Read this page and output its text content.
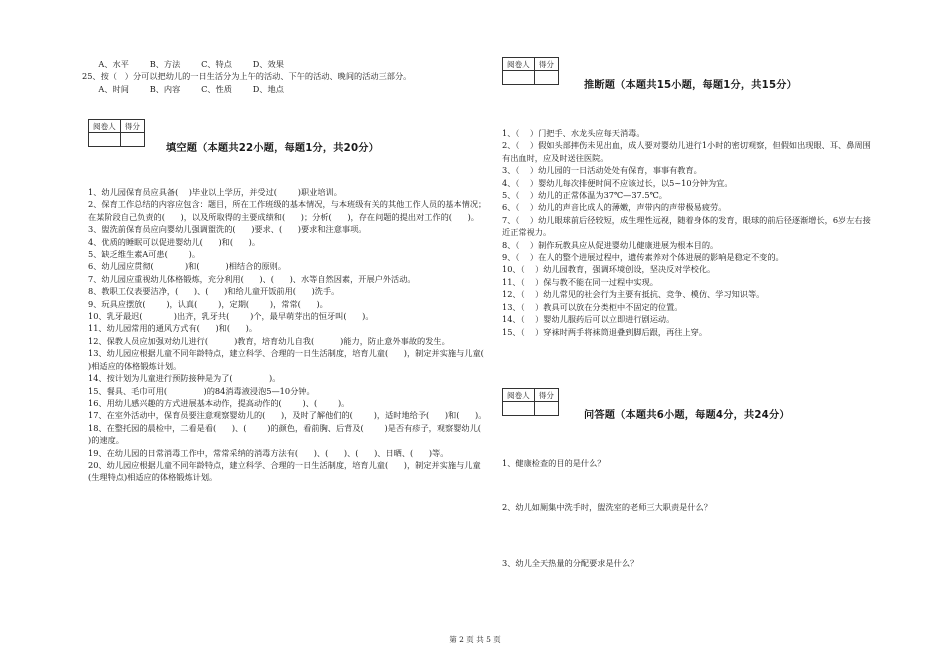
A、水平        B、方法        C、特点        D、效果
25、按（   ）分可以把幼儿的一日生活分为上午的活动、下午的活动、晚间的活动三部分。
A、时间        B、内容        C、性质        D、地点
阅卷人	得分

填空题（本题共22小题，每题1分，共20分）
1、幼儿园保育员应具备(    )毕业以上学历，并受过(        )职业培训。
2、保育工作总结的内容应包含：题目，所在工作班级的基本情况，与本班级有关的其他工作人员的基本情况；在某阶段自己负责的(      )，以及所取得的主要成绩和(      )；分析(      )，存在问题的提出对工作的(      )。
3、盥洗前保育员应向婴幼儿强调盥洗的(      )要求、(      )要求和注意事项。
4、优质的睡眠可以促进婴幼儿(      )和(      )。
5、缺乏维生素A可患(        )。
6、幼儿园应贯彻(            )和(          )相结合的原则。
7、幼儿园应重视幼儿体格锻炼，充分利用(      )、(      )、水等自然因素，开展户外活动。
8、教职工仪表要洁净，(      )、(      )和给儿童开饭前用(      )洗手。
9、玩具应摆放(        )，认真(        )，定期(        )，常常(      )。
10、乳牙最迟(            )出齐，乳牙共(        )个，最早萌芽出的恒牙叫(      )。
11、幼儿园常用的通风方式有(      )和(      )。
12、保教人员应加强对幼儿进行(          )教育，培育幼儿自我(          )能力，防止意外事故的发生。
13、幼儿园应根据儿童不同年龄特点，建立科学、合理的一日生活制度，培育儿童(      )，制定并实施与儿童(      )相适应的体格锻炼计划。
14、按计划为儿童进行预防接种是为了(              )。
15、餐具、毛巾可用(              )的84消毒液浸泡5—10分钟。
16、用幼儿感兴趣的方式进展基本动作，提高动作的(        )、(        )。
17、在室外活动中，保育员要注意观察婴幼儿的(      )，及时了解他们的(        )，适时地给予(      )和(      )。
18、在整托园的晨检中，二看是看(      )、(        )的颜色，看前胸、后背及(        )是否有疹子，观察婴幼儿(      )的速度。
19、在幼儿园的日常消毒工作中，常常采纳的消毒方法有(      )、(      )、(      )、日晒、(      )等。
20、幼儿园应根据儿童不同年龄特点，建立科学、合理的一日生活制度，培育儿童(      )，制定并实施与儿童(生理特点)相适应的体格锻炼计划。
阅卷人	得分

推断题（本题共15小题，每题1分，共15分）
1、（    ）门把手、水龙头应每天消毒。
2、（    ）假如头部摔伤未见出血，成人要对婴幼儿进行1小时的密切观察，但假如出现眼、耳、鼻周围有出血时，应及时送往医院。
3、（    ）幼儿园的一日活动处处有保育，事事有教育。
4、（    ）婴幼儿每次排便时间不应该过长，以5~10分钟为宜。
5、（    ）幼儿的正常体温为37℃—37.5℃。
6、（    ）幼儿的声音比成人的薄嫩，声带内的声带极易疲劳。
7、（    ）幼儿眼球前后径较短，成生理性远视，随着身体的发育，眼球的前后径逐渐增长，6岁左右接近正常视力。
8、（    ）制作玩教具应从促进婴幼儿健康进展为根本目的。
9、（    ）在人的整个进展过程中，遗传素养对个体进展的影响是稳定不变的。
10、（    ）幼儿园教育，强调环境创设，坚决反对学校化。
11、（    ）保与教不能在同一过程中实现。
12、（    ）幼儿常见的社会行为主要有抵抗、竞争、模仿、学习知识等。
13、（    ）教具可以放在分类柜中不固定的位置。
14、（    ）婴幼儿服药后可以立即进行剧运动。
15、（    ）穿袜时两手将袜筒退叠到脚后跟，再往上穿。
阅卷人	得分

问答题（本题共6小题，每题4分，共24分）
1、健康检查的目的是什么？
2、幼儿如厕集中洗手时，盥洗室的老师三大职责是什么？
3、幼儿全天热量的分配要求是什么？
第 2 页 共 5 页
